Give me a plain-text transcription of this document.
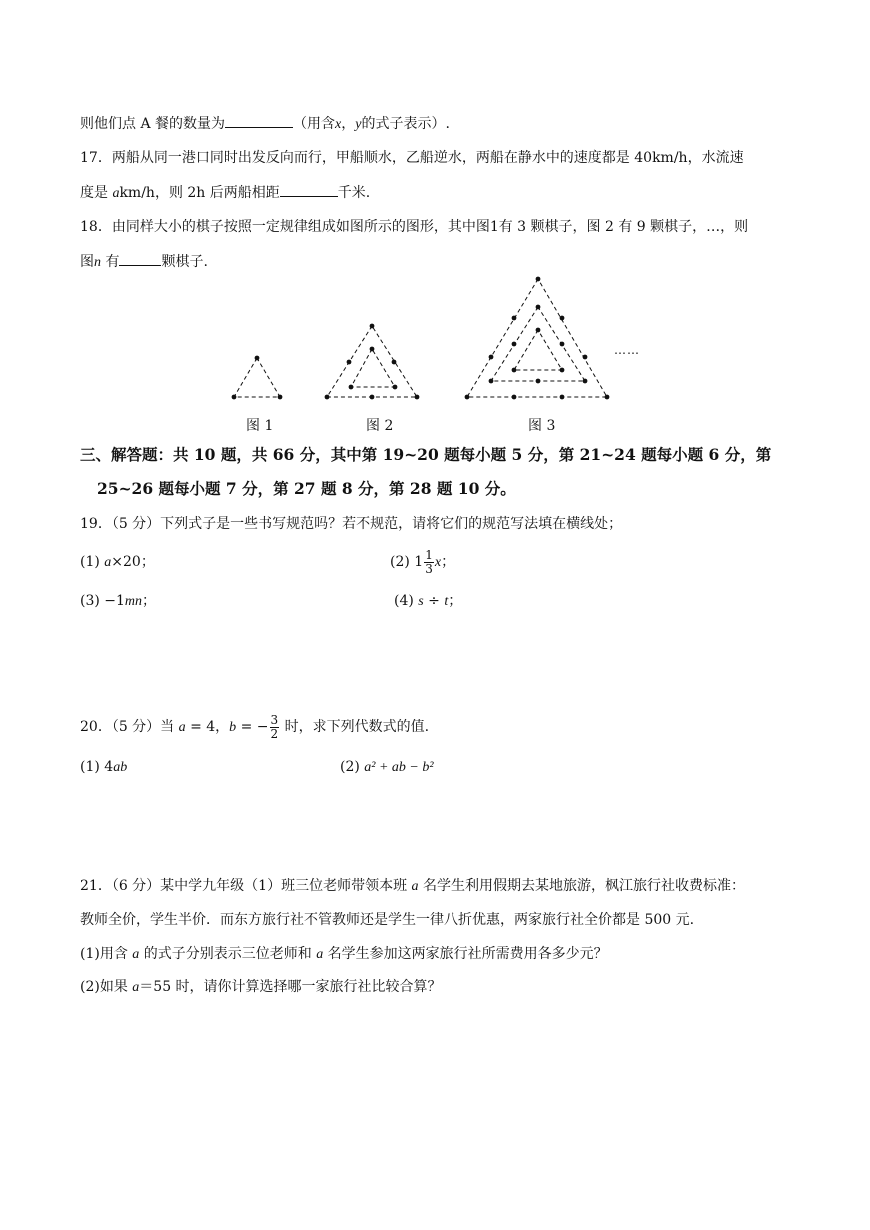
则他们点 A 餐的数量为	（用含x，y的式子表示）.
17．两船从同一港口同时出发反向而行，甲船顺水，乙船逆水，两船在静水中的速度都是 40km/h，水流速
度是 akm/h，则 2h 后两船相距	千米.
18．由同样大小的棋子按照一定规律组成如图所示的图形，其中图1有 3 颗棋子，图 2 有 9 颗棋子，…，则
图n 有	颗棋子.
……
图 1	图 2	图 3
三、解答题：共 10 题，共 66 分，其中第 19~20 题每小题 5 分，第 21~24 题每小题 6 分，第
25~26 题每小题 7 分，第 27 题 8 分，第 28 题 10 分。
19．（5 分）下列式子是一些书写规范吗？若不规范，请将它们的规范写法填在横线处；
(1) a×20；	(2) $1 \frac{1}{3}$ x；
(3) −1mn；	(4) s ÷ t；
20．（5 分）当 a = 4，b = − $\frac{3}{2}$ 时，求下列代数式的值.
(1) 4ab	(2) a² + ab − b²
21．（6 分）某中学九年级（1）班三位老师带领本班 a 名学生利用假期去某地旅游，枫江旅行社收费标准：
教师全价，学生半价．而东方旅行社不管教师还是学生一律八折优惠，两家旅行社全价都是 500 元.
(1)用含 a 的式子分别表示三位老师和 a 名学生参加这两家旅行社所需费用各多少元？
(2)如果 a＝55 时，请你计算选择哪一家旅行社比较合算？
